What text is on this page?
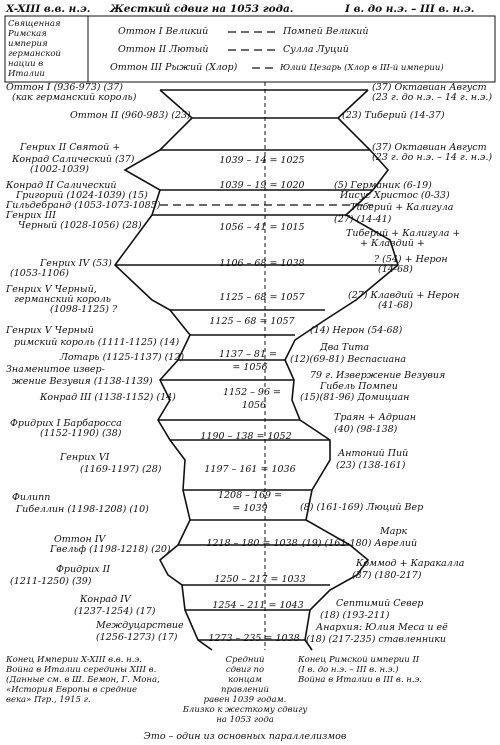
X-XIII в.в. н.э. Жесткий сдвиг на 1053 года.	I в. до н.э. – III в. н.э.
Священная
Римская
империя
германской
нации в
Италии
Оттон I Великий
Оттон II Лютый
Оттон III Рыжий (Хлор)
Помпей Великий
Сулла Луций
Юлий Цезарь (Хлор в III-й империи)
1039 – 14 = 1025
1039 – 19 = 1020
1056 – 41 = 1015
1106 – 68 = 1038
1125 – 68 = 1057
1125 – 68 = 1057
1137 – 81 =
= 1056
1152 – 96 =
1056
1190 – 138 = 1052
1197 – 161 = 1036
1208 – 169 =
= 1039
1218 – 180 = 1038
1250 – 217 = 1033
1254 – 211 = 1043
1273 – 235 = 1038
Средний
сдвиг по
концам
правлений
равен 1039 годам.
Близко к жесткому сдвигу
на 1053 года
Оттон I (936-973) (37)
(как германский король)
Оттон II (960-983) (23)
Генрих II Святой +
Конрад Салический (37)
(1002-1039)
Конрад II Салический
Григорий (1024-1039) (15)
Гильдебранд (1053-1073-1085)
Генрих III
Черный (1028-1056) (28)
Генрих IV (53)
(1053-1106)
Генрих V Черный,
германский король
(1098-1125) ?
Генрих V Черный
римский король (1111-1125) (14)
Лотарь (1125-1137) (12)
Знаменитое извер-
жение Везувия (1138-1139)
Конрад III (1138-1152) (14)
Фридрих I Барбаросса
(1152-1190) (38)
Генрих VI
(1169-1197) (28)
Филипп
Гибеллин (1198-1208) (10)
Оттон IV
Гвельф (1198-1218) (20)
Фридрих II
(1211-1250) (39)
Конрад IV
(1237-1254) (17)
Междуцарствие
(1256-1273) (17)
(37) Октавиан Август
(23 г. до н.э. – 14 г. н.э.)
(23) Тиберий (14-37)
(37) Октавиан Август
(23 г. до н.э. – 14 г. н.э.)
(5) Германик (6-19)
Иисус Христос (0-33)
Тиберий + Калигула
(27) (14-41)
Тиберий + Калигула +
+ Клавдий +
? (54) + Нерон
(14-68)
(27) Клавдий + Нерон
(41-68)
(14) Нерон (54-68)
Два Тита
(12)(69-81) Веспасиана
79 г. Извержение Везувия
Гибель Помпеи
(15)(81-96) Домициан
Траян + Адриан
(40) (98-138)
Антоний Пий
(23) (138-161)
(8) (161-169) Люций Вер
Марк
(19) (161-180) Аврелий
Коммод + Каракалла
(37) (180-217)
Септимий Север
(18) (193-211)
Анархия: Юлия Меса и её
(18) (217-235) ставленники
Конец Империи X-XIII в.в. н.э.
Война в Италии середины XIII в.
(Данные см. в Ш. Бемон, Г. Мона,
«История Европы в средние
века» Пгр., 1915 г.
Конец Римской империи II
(I в. до н.э. – III в. н.э.)
Война в Италии в III в. н.э.
Это – один из основных параллелизмов
